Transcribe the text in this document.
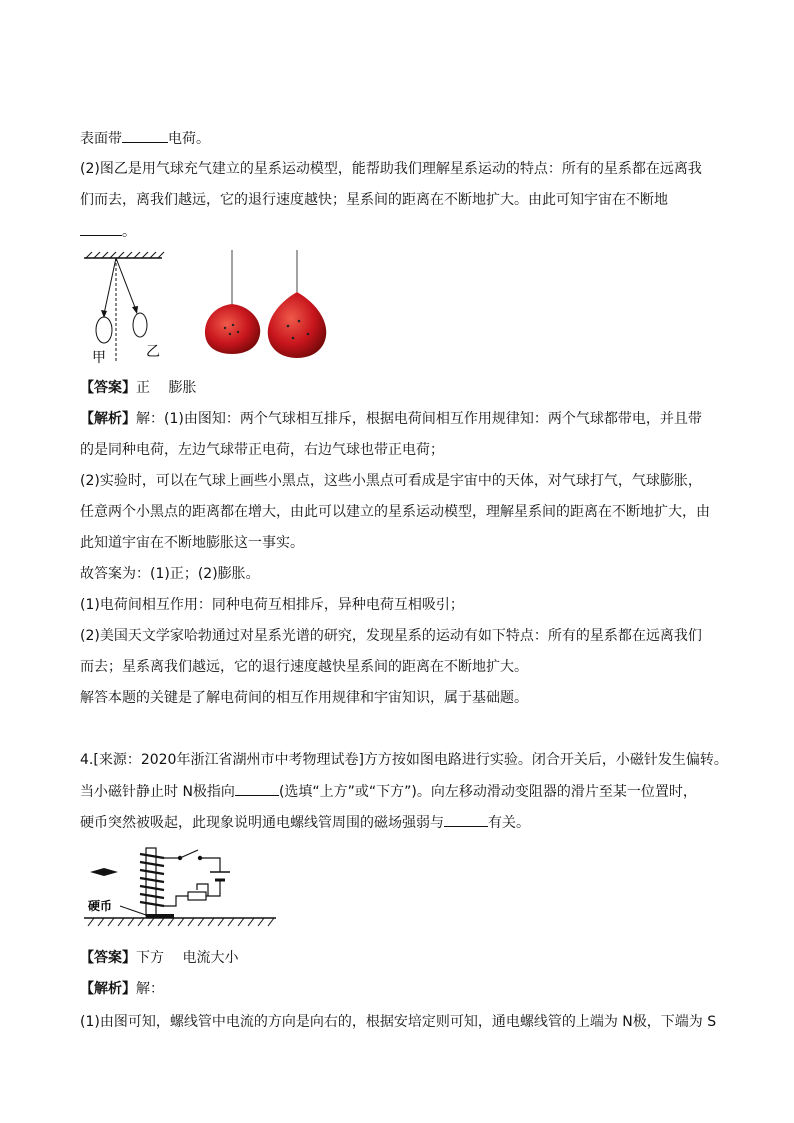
表面带	电荷。
(2)图乙是用气球充气建立的星系运动模型，能帮助我们理解星系运动的特点：所有的星系都在远离我
们而去，离我们越远，它的退行速度越快；星系间的距离在不断地扩大。由此可知宇宙在不断地
。
甲	乙
【答案】正　 膨胀
【解析】解：(1)由图知：两个气球相互排斥，根据电荷间相互作用规律知：两个气球都带电，并且带
的是同种电荷，左边气球带正电荷，右边气球也带正电荷；
(2)实验时，可以在气球上画些小黑点，这些小黑点可看成是宇宙中的天体，对气球打气，气球膨胀，
任意两个小黑点的距离都在增大，由此可以建立的星系运动模型，理解星系间的距离在不断地扩大，由
此知道宇宙在不断地膨胀这一事实。
故答案为：(1)正；(2)膨胀。
(1)电荷间相互作用：同种电荷互相排斥，异种电荷互相吸引；
(2)美国天文学家哈勃通过对星系光谱的研究，发现星系的运动有如下特点：所有的星系都在远离我们
而去；星系离我们越远，它的退行速度越快星系间的距离在不断地扩大。
解答本题的关键是了解电荷间的相互作用规律和宇宙知识，属于基础题。
4.[来源：2020年浙江省湖州市中考物理试卷]方方按如图电路进行实验。闭合开关后，小磁针发生偏转。
当小磁针静止时 N极指向	(选填“上方”或“下方”)。向左移动滑动变阻器的滑片至某一位置时，
硬币突然被吸起，此现象说明通电螺线管周围的磁场强弱与	有关。
硬币
【答案】下方　 电流大小
【解析】解：
(1)由图可知，螺线管中电流的方向是向右的，根据安培定则可知，通电螺线管的上端为 N极，下端为 S
